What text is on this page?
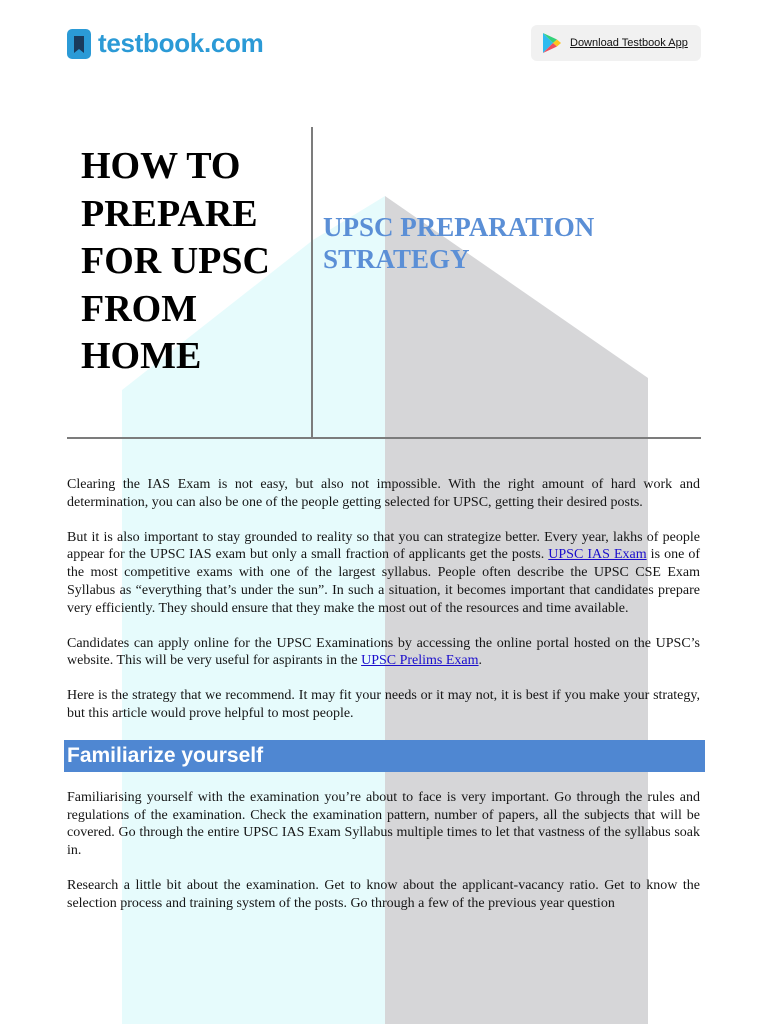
testbook.com	Download Testbook App
HOW TO
PREPARE
FOR UPSC
FROM
HOME
UPSC PREPARATION
STRATEGY

Clearing the IAS Exam is not easy, but also not impossible. With the right amount of hard work and determination, you can also be one of the people getting selected for UPSC, getting their desired posts.

But it is also important to stay grounded to reality so that you can strategize better. Every year, lakhs of people appear for the UPSC IAS exam but only a small fraction of applicants get the posts. UPSC IAS Exam is one of the most competitive exams with one of the largest syllabus. People often describe the UPSC CSE Exam Syllabus as “everything that’s under the sun”. In such a situation, it becomes important that candidates prepare very efficiently. They should ensure that they make the most out of the resources and time available.

Candidates can apply online for the UPSC Examinations by accessing the online portal hosted on the UPSC’s website. This will be very useful for aspirants in the UPSC Prelims Exam.

Here is the strategy that we recommend. It may fit your needs or it may not, it is best if you make your strategy, but this article would prove helpful to most people.

Familiarize yourself

Familiarising yourself with the examination you’re about to face is very important. Go through the rules and regulations of the examination. Check the examination pattern, number of papers, all the subjects that will be covered. Go through the entire UPSC IAS Exam Syllabus multiple times to let that vastness of the syllabus soak in.

Research a little bit about the examination. Get to know about the applicant-vacancy ratio. Get to know the selection process and training system of the posts. Go through a few of the previous year question
